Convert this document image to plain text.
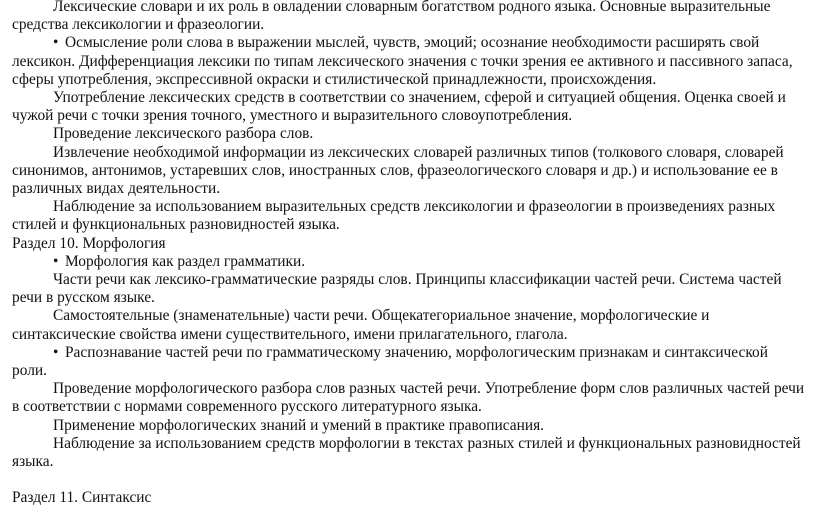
Лексические словари и их роль в овладении словарным богатством родного языка. Основные выразительные средства лексикологии и фразеологии.

• Осмысление роли слова в выражении мыслей, чувств, эмоций; осознание необходимости расширять свой лексикон. Дифференциация лексики по типам лексического значения с точки зрения ее активного и пассивного запаса, сферы употребления, экспрессивной окраски и стилистической принадлежности, происхождения.

Употребление лексических средств в соответствии со значением, сферой и ситуацией общения. Оценка своей и чужой речи с точки зрения точного, уместного и выразительного словоупотребления.

Проведение лексического разбора слов.

Извлечение необходимой информации из лексических словарей различных типов (толкового словаря, словарей синонимов, антонимов, устаревших слов, иностранных слов, фразеологического словаря и др.) и использование ее в различных видах деятельности.

Наблюдение за использованием выразительных средств лексикологии и фразеологии в произведениях разных стилей и функциональных разновидностей языка.

Раздел 10. Морфология

• Морфология как раздел грамматики.

Части речи как лексико-грамматические разряды слов. Принципы классификации частей речи. Система частей речи в русском языке.

Самостоятельные (знаменательные) части речи. Общекатегориальное значение, морфологические и синтаксические свойства имени существительного, имени прилагательного, глагола.

• Распознавание частей речи по грамматическому значению, морфологическим признакам и синтаксической роли.

Проведение морфологического разбора слов разных частей речи. Употребление форм слов различных частей речи в соответствии с нормами современного русского литературного языка.

Применение морфологических знаний и умений в практике правописания.

Наблюдение за использованием средств морфологии в текстах разных стилей и функциональных разновидностей языка.

Раздел 11. Синтаксис
